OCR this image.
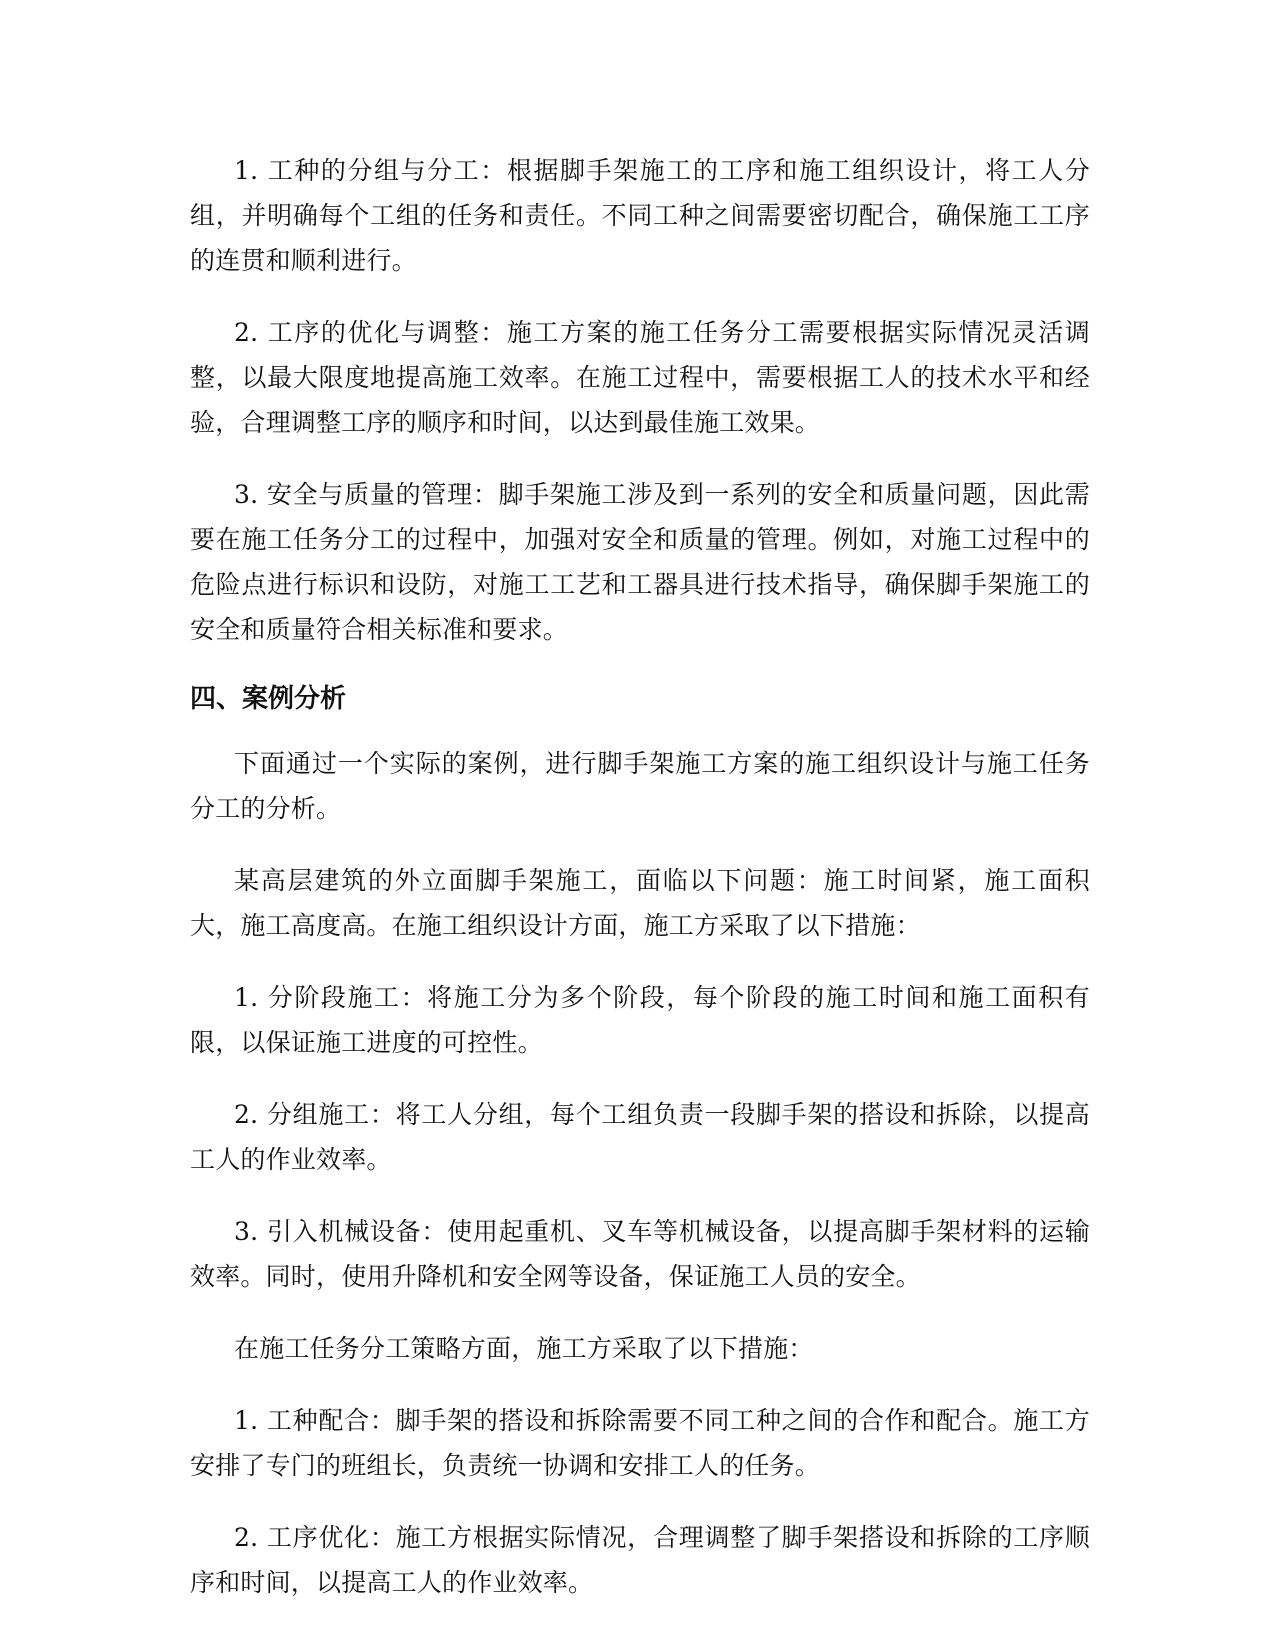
1. 工种的分组与分工：根据脚手架施工的工序和施工组织设计，将工人分组，并明确每个工组的任务和责任。不同工种之间需要密切配合，确保施工工序的连贯和顺利进行。

2. 工序的优化与调整：施工方案的施工任务分工需要根据实际情况灵活调整，以最大限度地提高施工效率。在施工过程中，需要根据工人的技术水平和经验，合理调整工序的顺序和时间，以达到最佳施工效果。

3. 安全与质量的管理：脚手架施工涉及到一系列的安全和质量问题，因此需要在施工任务分工的过程中，加强对安全和质量的管理。例如，对施工过程中的危险点进行标识和设防，对施工工艺和工器具进行技术指导，确保脚手架施工的安全和质量符合相关标准和要求。

四、案例分析

下面通过一个实际的案例，进行脚手架施工方案的施工组织设计与施工任务分工的分析。

某高层建筑的外立面脚手架施工，面临以下问题：施工时间紧，施工面积大，施工高度高。在施工组织设计方面，施工方采取了以下措施：

1. 分阶段施工：将施工分为多个阶段，每个阶段的施工时间和施工面积有限，以保证施工进度的可控性。

2. 分组施工：将工人分组，每个工组负责一段脚手架的搭设和拆除，以提高工人的作业效率。

3. 引入机械设备：使用起重机、叉车等机械设备，以提高脚手架材料的运输效率。同时，使用升降机和安全网等设备，保证施工人员的安全。

在施工任务分工策略方面，施工方采取了以下措施：

1. 工种配合：脚手架的搭设和拆除需要不同工种之间的合作和配合。施工方安排了专门的班组长，负责统一协调和安排工人的任务。

2. 工序优化：施工方根据实际情况，合理调整了脚手架搭设和拆除的工序顺序和时间，以提高工人的作业效率。
